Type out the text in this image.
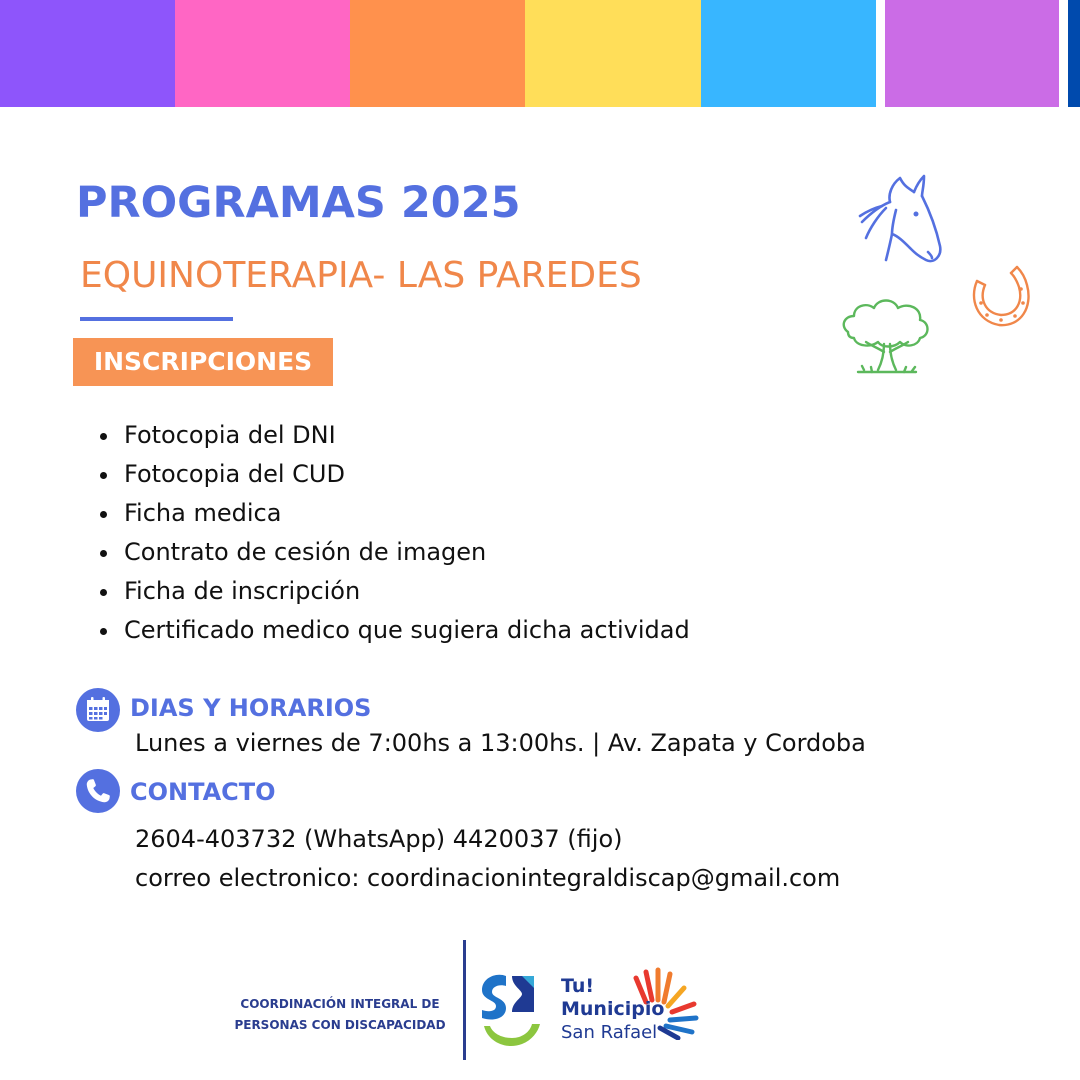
PROGRAMAS 2025
EQUINOTERAPIA- LAS PAREDES
INSCRIPCIONES
Fotocopia del DNI
Fotocopia del CUD
Ficha medica
Contrato de cesión de imagen
Ficha de inscripción
Certificado medico que sugiera dicha actividad
DIAS Y HORARIOS
Lunes a viernes de 7:00hs a 13:00hs. | Av. Zapata y Cordoba
CONTACTO
2604-403732 (WhatsApp) 4420037 (fijo)
correo electronico: coordinacionintegraldiscap@gmail.com
COORDINACIÓN INTEGRAL DE
PERSONAS CON DISCAPACIDAD
Tu!
Municipio
San Rafael
